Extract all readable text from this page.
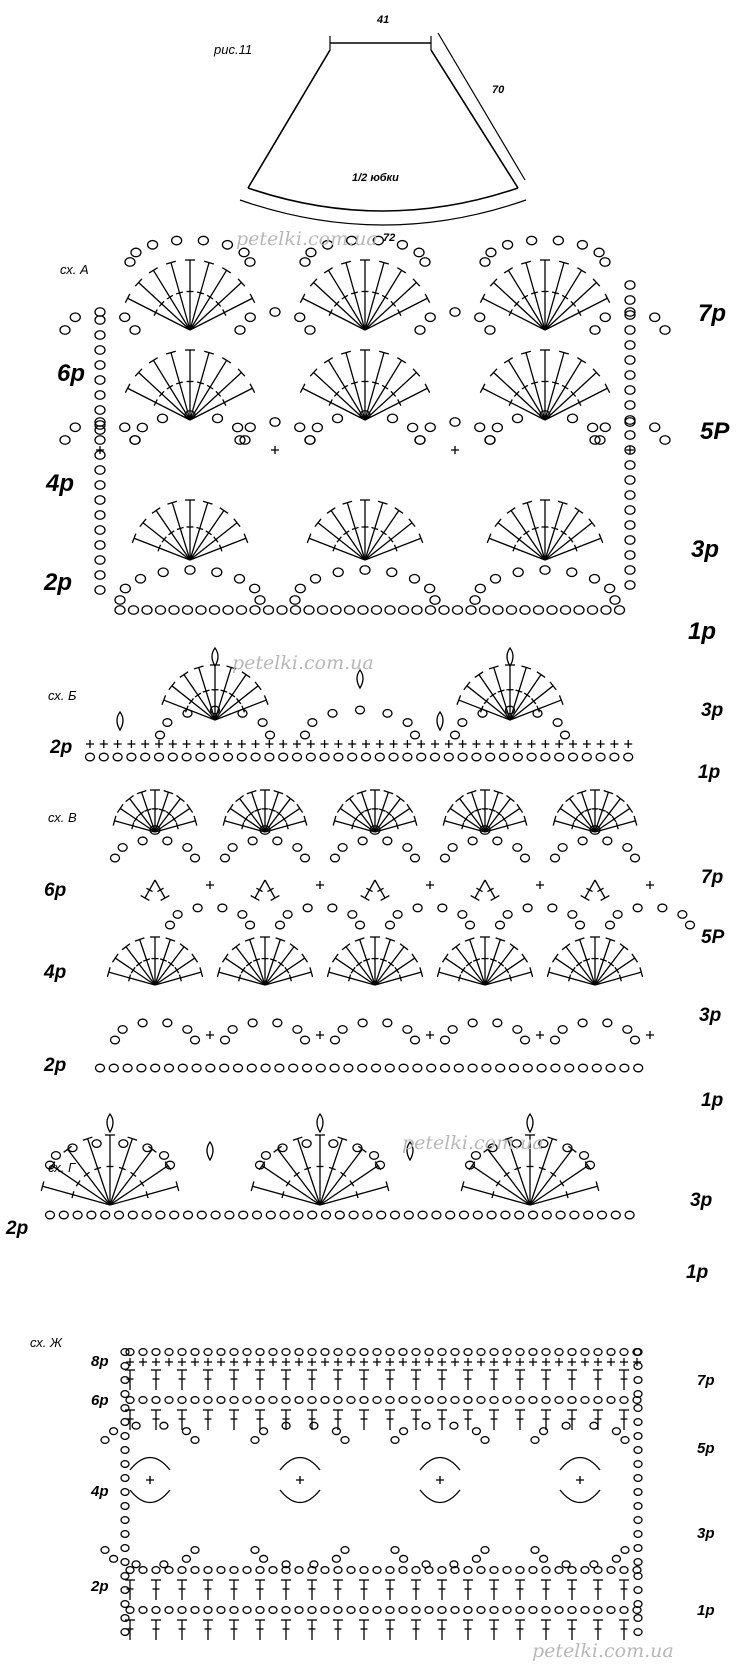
41
70
72
рис.11
1/2 юбки
сх. А
6р
4р
2р
7р
5Р
3р
1р
сх. Б
2р
3р
1р
сх. В
6р
4р
2р
7р
5Р
3р
1р
сх. Г
2р
3р
1р
сх. Ж
8р
6р
4р
2р
7р
5р
3р
1р
petelki.com.ua
petelki.com.ua
petelki.com.ua
petelki.com.ua
